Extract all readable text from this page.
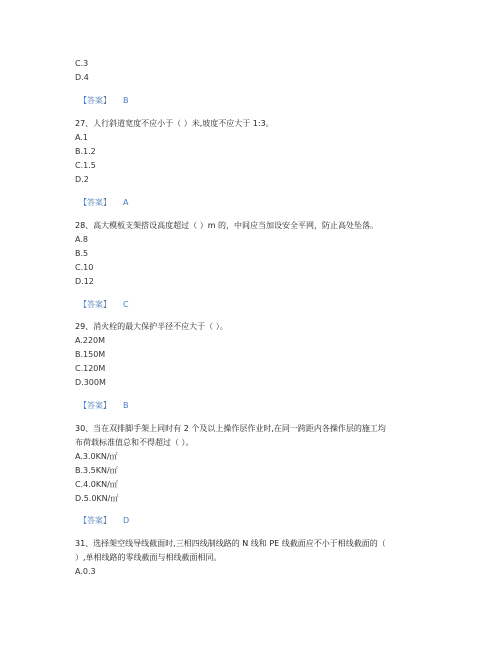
C.3
D.4
【答案】 B
27、人行斜道宽度不应小于（ ）米,坡度不应大于 1:3。
A.1
B.1.2
C.1.5
D.2
【答案】 A
28、高大模板支架搭设高度超过（ ）m 的，中间应当加设安全平网，防止高处坠落。
A.8
B.5
C.10
D.12
【答案】 C
29、消火栓的最大保护半径不应大于（ ）。
A.220M
B.150M
C.120M
D.300M
【答案】 B
30、当在双排脚手架上同时有 2 个及以上操作层作业时,在同一跨距内各操作层的施工均
布荷载标准值总和不得超过（ ）。
A.3.0KN/㎡
B.3.5KN/㎡
C.4.0KN/㎡
D.5.0KN/㎡
【答案】 D
31、选择架空线导线截面时,三相四线制线路的 N 线和 PE 线截面应不小于相线截面的（
）,单相线路的零线截面与相线截面相同。
A.0.3
